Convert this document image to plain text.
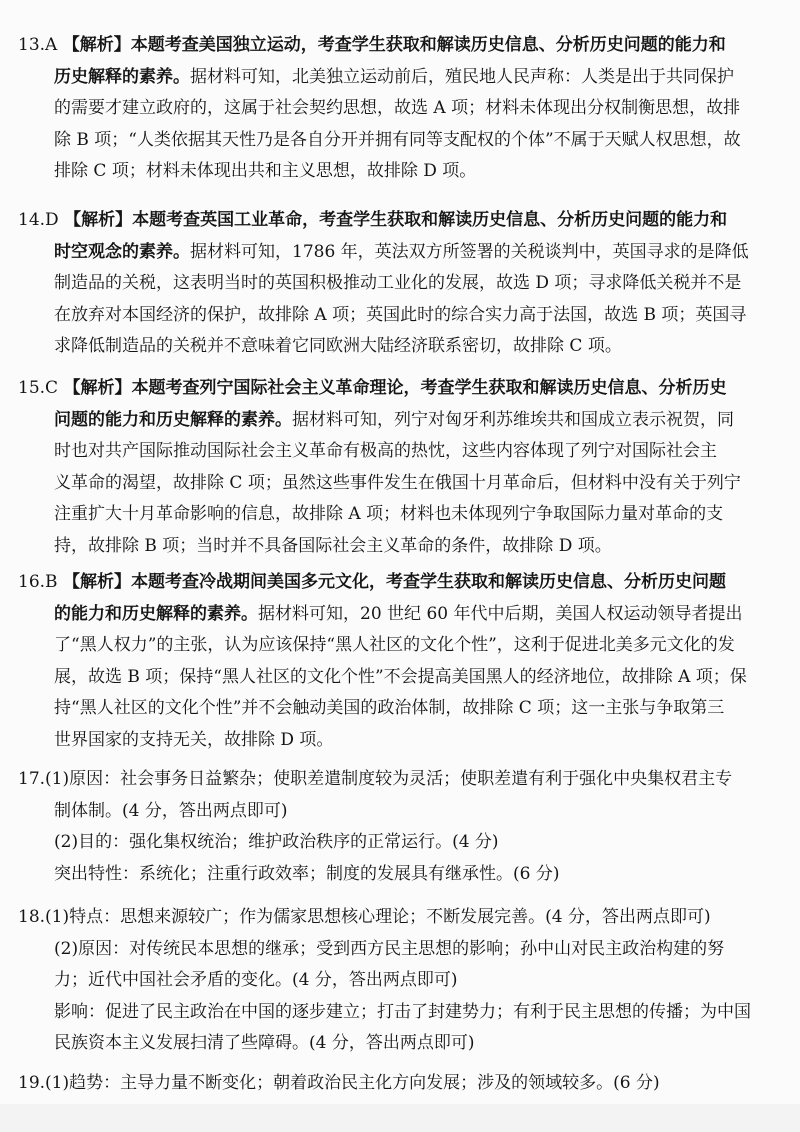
13.A 【解析】本题考查美国独立运动，考查学生获取和解读历史信息、分析历史问题的能力和
历史解释的素养。据材料可知，北美独立运动前后，殖民地人民声称：人类是出于共同保护
的需要才建立政府的，这属于社会契约思想，故选 A 项；材料未体现出分权制衡思想，故排
除 B 项；“人类依据其天性乃是各自分开并拥有同等支配权的个体”不属于天赋人权思想，故
排除 C 项；材料未体现出共和主义思想，故排除 D 项。
14.D 【解析】本题考查英国工业革命，考查学生获取和解读历史信息、分析历史问题的能力和
时空观念的素养。据材料可知，1786 年，英法双方所签署的关税谈判中，英国寻求的是降低
制造品的关税，这表明当时的英国积极推动工业化的发展，故选 D 项；寻求降低关税并不是
在放弃对本国经济的保护，故排除 A 项；英国此时的综合实力高于法国，故选 B 项；英国寻
求降低制造品的关税并不意味着它同欧洲大陆经济联系密切，故排除 C 项。
15.C 【解析】本题考查列宁国际社会主义革命理论，考查学生获取和解读历史信息、分析历史
问题的能力和历史解释的素养。据材料可知，列宁对匈牙利苏维埃共和国成立表示祝贺，同
时也对共产国际推动国际社会主义革命有极高的热忱，这些内容体现了列宁对国际社会主
义革命的渴望，故排除 C 项；虽然这些事件发生在俄国十月革命后，但材料中没有关于列宁
注重扩大十月革命影响的信息，故排除 A 项；材料也未体现列宁争取国际力量对革命的支
持，故排除 B 项；当时并不具备国际社会主义革命的条件，故排除 D 项。
16.B 【解析】本题考查冷战期间美国多元文化，考查学生获取和解读历史信息、分析历史问题
的能力和历史解释的素养。据材料可知，20 世纪 60 年代中后期，美国人权运动领导者提出
了“黑人权力”的主张，认为应该保持“黑人社区的文化个性”，这利于促进北美多元文化的发
展，故选 B 项；保持“黑人社区的文化个性”不会提高美国黑人的经济地位，故排除 A 项；保
持“黑人社区的文化个性”并不会触动美国的政治体制，故排除 C 项；这一主张与争取第三
世界国家的支持无关，故排除 D 项。
17.(1)原因：社会事务日益繁杂；使职差遣制度较为灵活；使职差遣有利于强化中央集权君主专
制体制。(4 分，答出两点即可)
(2)目的：强化集权统治；维护政治秩序的正常运行。(4 分)
突出特性：系统化；注重行政效率；制度的发展具有继承性。(6 分)
18.(1)特点：思想来源较广；作为儒家思想核心理论；不断发展完善。(4 分，答出两点即可)
(2)原因：对传统民本思想的继承；受到西方民主思想的影响；孙中山对民主政治构建的努
力；近代中国社会矛盾的变化。(4 分，答出两点即可)
影响：促进了民主政治在中国的逐步建立；打击了封建势力；有利于民主思想的传播；为中国
民族资本主义发展扫清了些障碍。(4 分，答出两点即可)
19.(1)趋势：主导力量不断变化；朝着政治民主化方向发展；涉及的领域较多。(6 分)
